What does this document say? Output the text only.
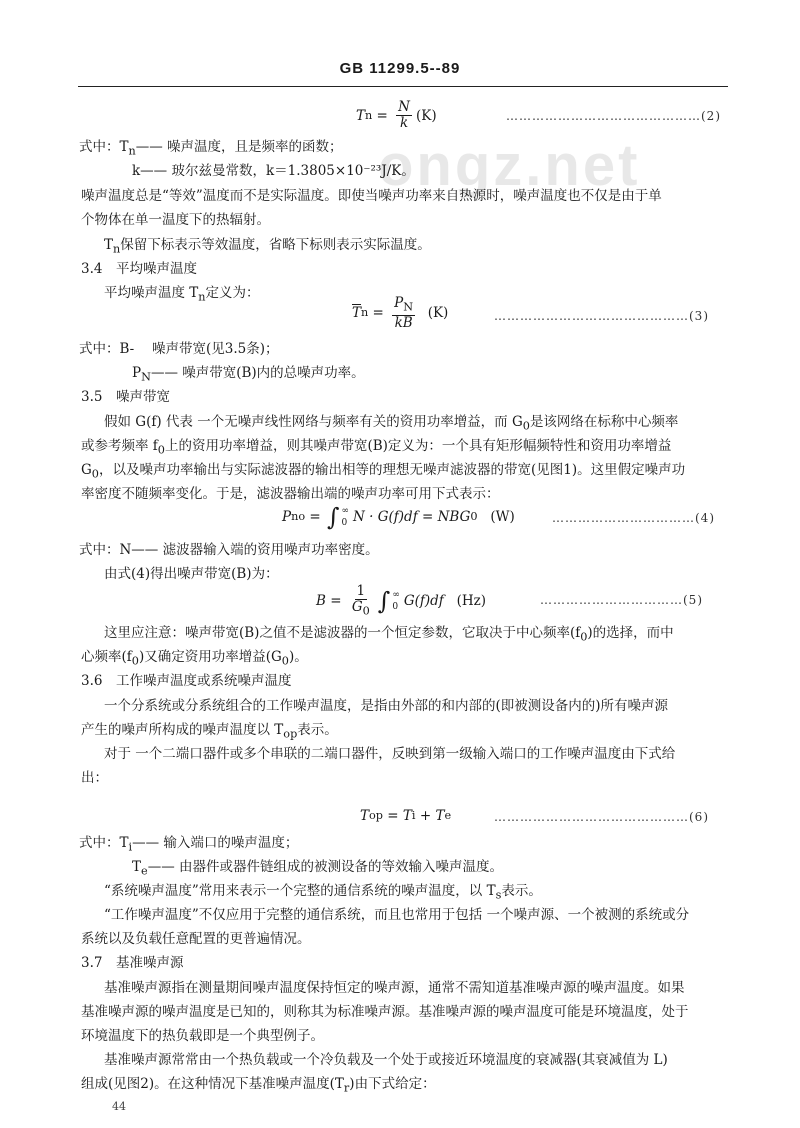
GB 11299.5--89
ongz.net
T $n = \frac{N}{k} (K)$	………………………………………(2)
式中：$T_n——$ 噪声温度，且是频率的函数；
k—— 玻尔兹曼常数，k＝1.3805×10⁻²³J/K。
噪声温度总是“等效”温度而不是实际温度。即使当噪声功率来自热源时，噪声温度也不仅是由于单
个物体在单一温度下的热辐射。
$T_n$保留下标表示等效温度，省略下标则表示实际温度。
3.4　平均噪声温度
平均噪声温度 $T_n$定义为：
$\overline{T}$ $n = \frac{P_N}{kB}$
(K)	………………………………………(3)
式中：B- 　噪声带宽(见3.5条)；
$P_N——$ 噪声带宽(B)内的总噪声功率。
3.5　噪声带宽
假如 G(f) 代表 一个无噪声线性网络与频率有关的资用功率增益，而 $G_0$是该网络在标称中心频率
或参考频率 $f_0$上的资用功率增益，则其噪声带宽(B)定义为：一个具有矩形幅频特性和资用功率增益
$G_0$，以及噪声功率输出与实际滤波器的输出相等的理想无噪声滤波器的带宽(见图1)。这里假定噪声功
率密度不随频率变化。于是，滤波器输出端的噪声功率可用下式表示：
P no = ∫ ∞
0 N · G(f)df = NBG 0
(W)	……………………………(4)
式中：N—— 滤波器输入端的资用噪声功率密度。
由式(4)得出噪声带宽(B)为：
$B = \frac{1}{G_0}$ ∫ ∞
0 G(f)df
(Hz)	……………………………(5)
这里应注意：噪声带宽(B)之值不是滤波器的一个恒定参数，它取决于中心频率$(f_0)$的选择，而中
心频率$(f_0)$又确定资用功率增益$(G_0)$。
3.6　工作噪声温度或系统噪声温度
一个分系统或分系统组合的工作噪声温度，是指由外部的和内部的(即被测设备内的)所有噪声源
产生的噪声所构成的噪声温度以 $T_{op}$表示。
对于 一个二端口器件或多个串联的二端口器件，反映到第一级输入端口的工作噪声温度由下式给
出：
T op = T i + T e	………………………………………(6)
式中：$T_i——$ 输入端口的噪声温度；
$T_e——$ 由器件或器件链组成的被测设备的等效输入噪声温度。
“系统噪声温度”常用来表示一个完整的通信系统的噪声温度，以 $T_s$表示。
“工作噪声温度”不仅应用于完整的通信系统，而且也常用于包括 一个噪声源、一个被测的系统或分
系统以及负载任意配置的更普遍情况。
3.7　基准噪声源
基准噪声源指在测量期间噪声温度保持恒定的噪声源，通常不需知道基准噪声源的噪声温度。如果
基准噪声源的噪声温度是已知的，则称其为标准噪声源。基准噪声源的噪声温度可能是环境温度，处于
环境温度下的热负载即是一个典型例子。
基准噪声源常常由一个热负载或一个冷负载及一个处于或接近环境温度的衰减器(其衰减值为 L)
组成(见图2)。在这种情况下基准噪声温度$(T_r)$由下式给定：
44
